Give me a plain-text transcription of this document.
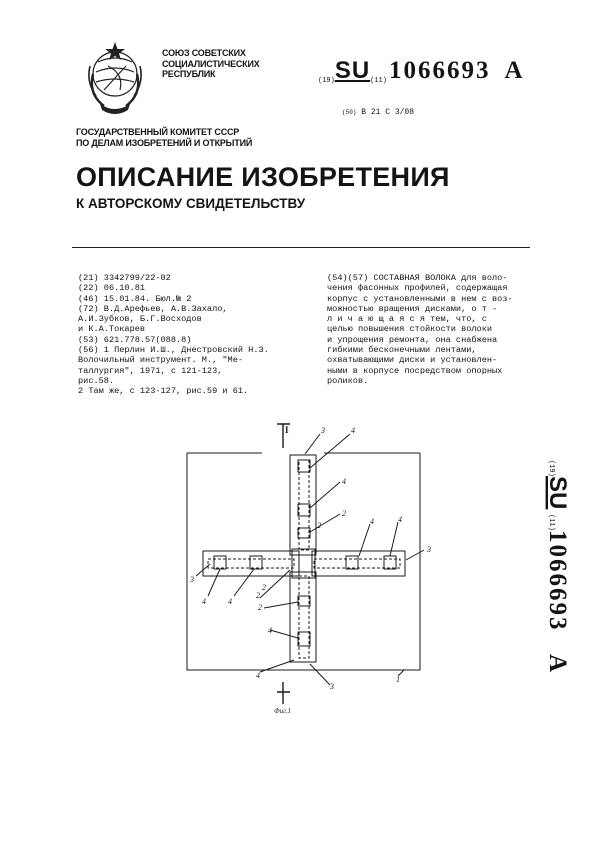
СОЮЗ СОВЕТСКИХ
СОЦИАЛИСТИЧЕСКИХ
РЕСПУБЛИК
(19)SU(11)1066693 A
(50) В 21 С 3/08
ГОСУДАРСТВЕННЫЙ КОМИТЕТ СССР
ПО ДЕЛАМ ИЗОБРЕТЕНИЙ И ОТКРЫТИЙ
ОПИСАНИЕ ИЗОБРЕТЕНИЯ
К АВТОРСКОМУ СВИДЕТЕЛЬСТВУ
(21) 3342799/22-02
(22) 06.10.81
(46) 15.01.84. Бюл.№ 2
(72) В.Д.Арефьев, А.В.Захало,
А.И.Зубков, Б.Г.Восходов
и К.А.Токарев
(53) 621.778.57(088.8)
(56) 1 Перлин И.Ш., Днестровский Н.З.
Волочильный инструмент. М., "Ме-
таллургия", 1971, с 121-123,
рис.58.
2 Там же, с 123-127, рис.59 и 61.
(54)(57) СОСТАВНАЯ ВОЛОКА для воло-
чения фасонных профилей, содержащая
корпус с установленными в нем с воз-
можностью вращения дисками, о т -
л и ч а ю щ а я с я тем, что, с
целью повышения стойкости волоки
и упрощения ремонта, она снабжена
гибкими бесконечными лентами,
охватывающими диски и установлен-
ными в корпусе посредством опорных
роликов.
(19)
SU
(11)
1066693
A
3	4
4
2
2	4	4
3
3
4	4
2
2
2
4
4
3
1
I
Фиг.1
